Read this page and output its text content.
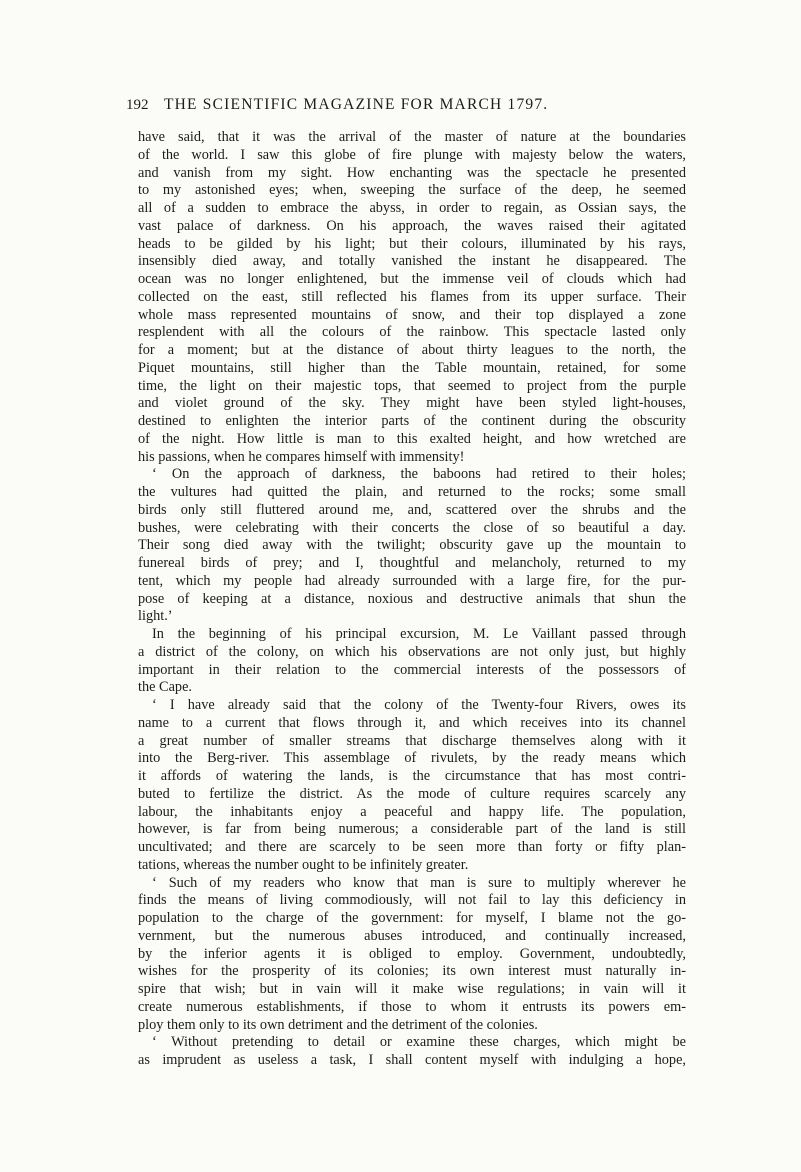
192	THE SCIENTIFIC MAGAZINE FOR MARCH 1797.
have said, that it was the arrival of the master of nature at the boundaries
of the world. I saw this globe of fire plunge with majesty below the waters,
and vanish from my sight. How enchanting was the spectacle he presented
to my astonished eyes; when, sweeping the surface of the deep, he seemed
all of a sudden to embrace the abyss, in order to regain, as Ossian says, the
vast palace of darkness. On his approach, the waves raised their agitated
heads to be gilded by his light; but their colours, illuminated by his rays,
insensibly died away, and totally vanished the instant he disappeared. The
ocean was no longer enlightened, but the immense veil of clouds which had
collected on the east, still reflected his flames from its upper surface. Their
whole mass represented mountains of snow, and their top displayed a zone
resplendent with all the colours of the rainbow. This spectacle lasted only
for a moment; but at the distance of about thirty leagues to the north, the
Piquet mountains, still higher than the Table mountain, retained, for some
time, the light on their majestic tops, that seemed to project from the purple
and violet ground of the sky. They might have been styled light-houses,
destined to enlighten the interior parts of the continent during the obscurity
of the night. How little is man to this exalted height, and how wretched are
his passions, when he compares himself with immensity!
‘ On the approach of darkness, the baboons had retired to their holes;
the vultures had quitted the plain, and returned to the rocks; some small
birds only still fluttered around me, and, scattered over the shrubs and the
bushes, were celebrating with their concerts the close of so beautiful a day.
Their song died away with the twilight; obscurity gave up the mountain to
funereal birds of prey; and I, thoughtful and melancholy, returned to my
tent, which my people had already surrounded with a large fire, for the pur-
pose of keeping at a distance, noxious and destructive animals that shun the
light.’
In the beginning of his principal excursion, M. Le Vaillant passed through
a district of the colony, on which his observations are not only just, but highly
important in their relation to the commercial interests of the possessors of
the Cape.
‘ I have already said that the colony of the Twenty-four Rivers, owes its
name to a current that flows through it, and which receives into its channel
a great number of smaller streams that discharge themselves along with it
into the Berg-river. This assemblage of rivulets, by the ready means which
it affords of watering the lands, is the circumstance that has most contri-
buted to fertilize the district. As the mode of culture requires scarcely any
labour, the inhabitants enjoy a peaceful and happy life. The population,
however, is far from being numerous; a considerable part of the land is still
uncultivated; and there are scarcely to be seen more than forty or fifty plan-
tations, whereas the number ought to be infinitely greater.
‘ Such of my readers who know that man is sure to multiply wherever he
finds the means of living commodiously, will not fail to lay this deficiency in
population to the charge of the government: for myself, I blame not the go-
vernment, but the numerous abuses introduced, and continually increased,
by the inferior agents it is obliged to employ. Government, undoubtedly,
wishes for the prosperity of its colonies; its own interest must naturally in-
spire that wish; but in vain will it make wise regulations; in vain will it
create numerous establishments, if those to whom it entrusts its powers em-
ploy them only to its own detriment and the detriment of the colonies.
‘ Without pretending to detail or examine these charges, which might be
as imprudent as useless a task, I shall content myself with indulging a hope,
